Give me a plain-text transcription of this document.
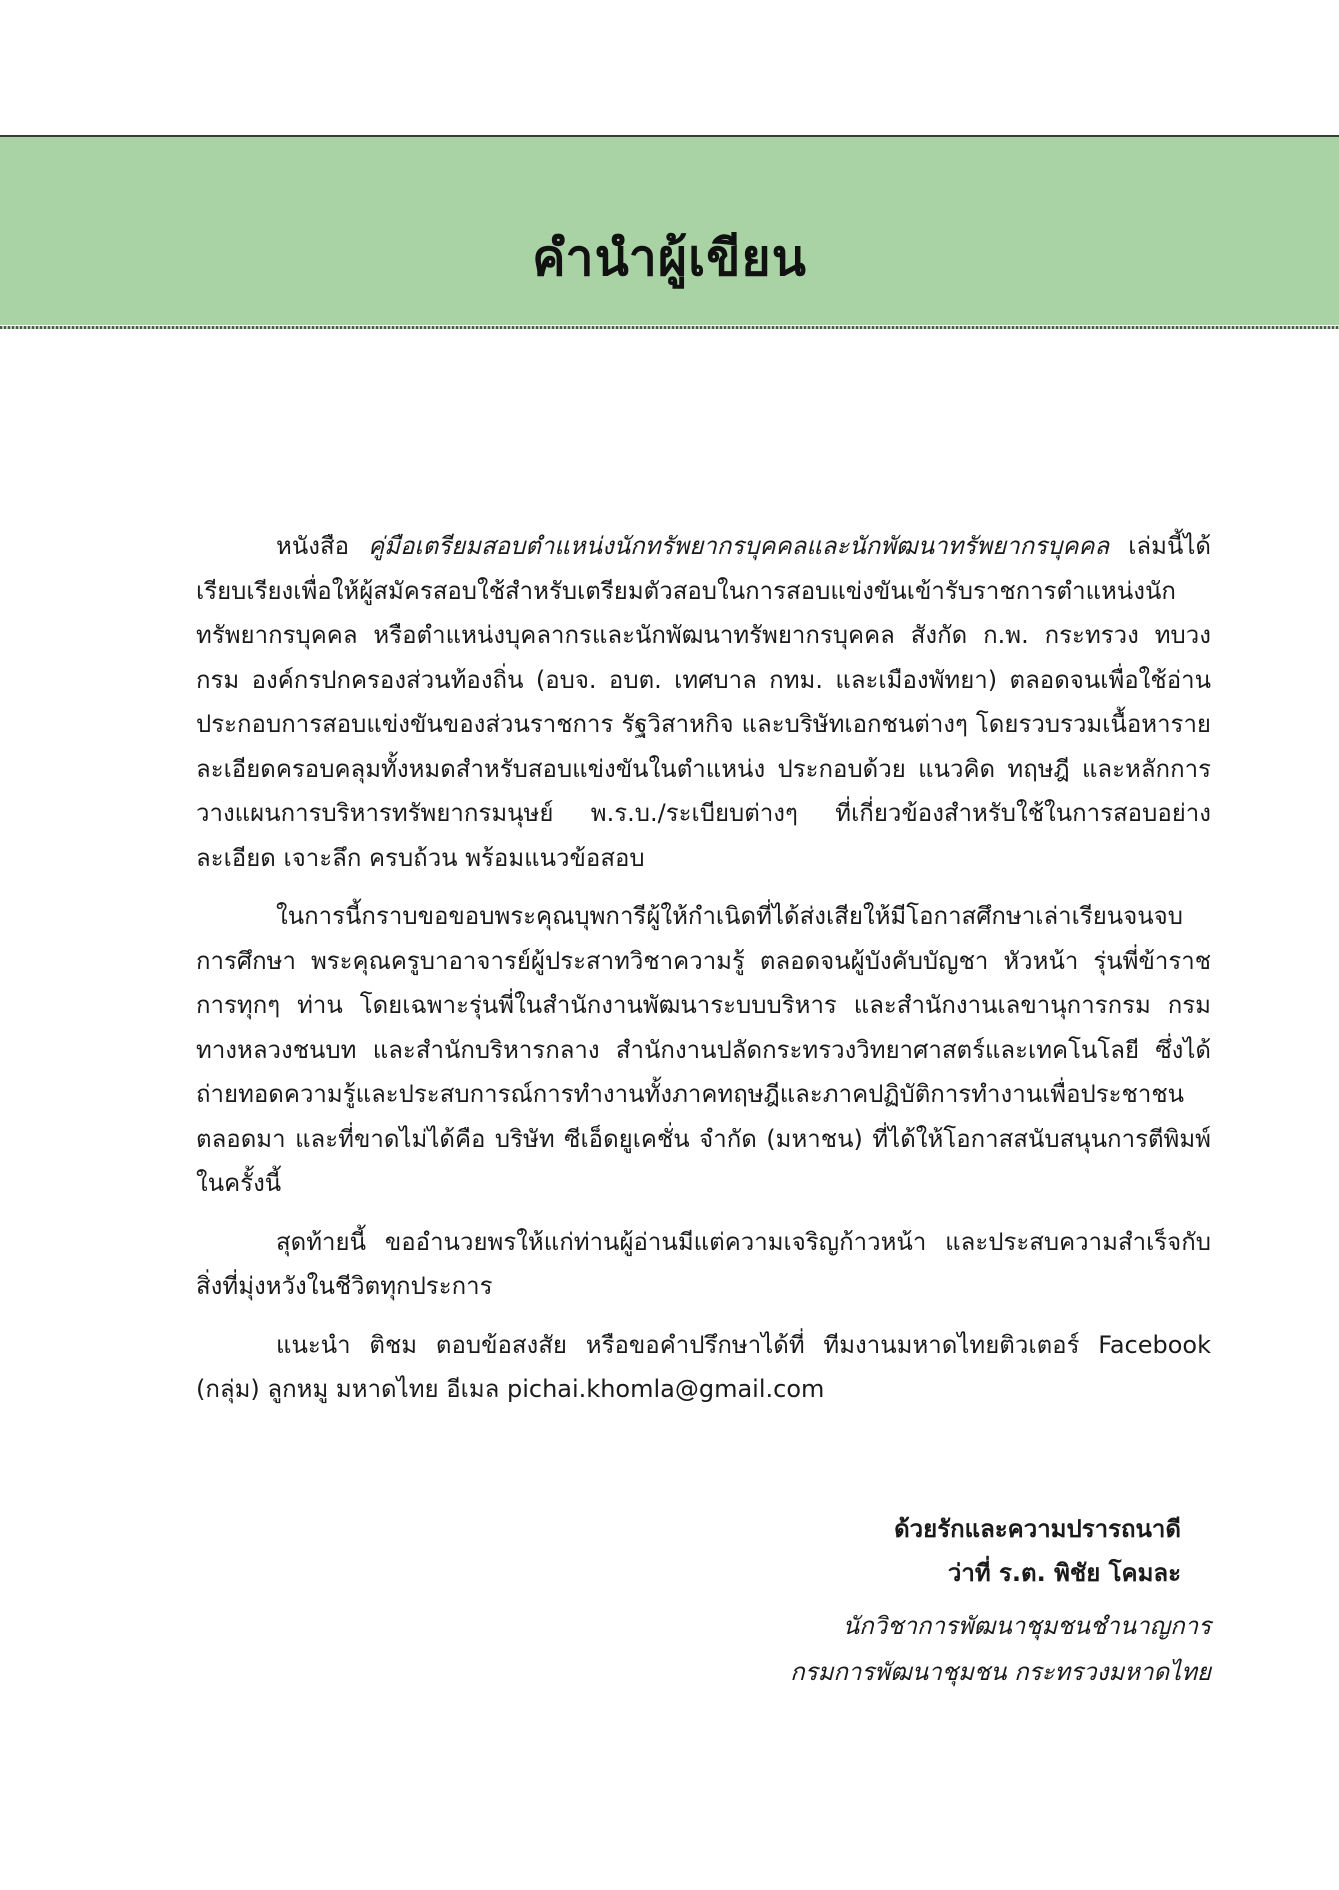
คำนำผู้เขียน

หนังสือ คู่มือเตรียมสอบตำแหน่งนักทรัพยากรบุคคลและนักพัฒนาทรัพยากรบุคคล เล่มนี้ได้เรียบเรียงเพื่อให้ผู้สมัครสอบใช้สำหรับเตรียมตัวสอบในการสอบแข่งขันเข้ารับราชการตำแหน่งนักทรัพยากรบุคคล หรือตำแหน่งบุคลากรและนักพัฒนาทรัพยากรบุคคล สังกัด ก.พ. กระทรวง ทบวง กรม องค์กรปกครองส่วนท้องถิ่น (อบจ. อบต. เทศบาล กทม. และเมืองพัทยา) ตลอดจนเพื่อใช้อ่านประกอบการสอบแข่งขันของส่วนราชการ รัฐวิสาหกิจ และบริษัทเอกชนต่างๆ โดยรวบรวมเนื้อหารายละเอียดครอบคลุมทั้งหมดสำหรับสอบแข่งขันในตำแหน่ง ประกอบด้วย แนวคิด ทฤษฎี และหลักการวางแผนการบริหารทรัพยากรมนุษย์ พ.ร.บ./ระเบียบต่างๆ ที่เกี่ยวข้องสำหรับใช้ในการสอบอย่างละเอียด เจาะลึก ครบถ้วน พร้อมแนวข้อสอบ

ในการนี้กราบขอขอบพระคุณบุพการีผู้ให้กำเนิดที่ได้ส่งเสียให้มีโอกาสศึกษาเล่าเรียนจนจบการศึกษา พระคุณครูบาอาจารย์ผู้ประสาทวิชาความรู้ ตลอดจนผู้บังคับบัญชา หัวหน้า รุ่นพี่ข้าราชการทุกๆ ท่าน โดยเฉพาะรุ่นพี่ในสำนักงานพัฒนาระบบบริหาร และสำนักงานเลขานุการกรม กรมทางหลวงชนบท และสำนักบริหารกลาง สำนักงานปลัดกระทรวงวิทยาศาสตร์และเทคโนโลยี ซึ่งได้ถ่ายทอดความรู้และประสบการณ์การทำงานทั้งภาคทฤษฎีและภาคปฏิบัติการทำงานเพื่อประชาชนตลอดมา และที่ขาดไม่ได้คือ บริษัท ซีเอ็ดยูเคชั่น จำกัด (มหาชน) ที่ได้ให้โอกาสสนับสนุนการตีพิมพ์ในครั้งนี้

สุดท้ายนี้ ขออำนวยพรให้แก่ท่านผู้อ่านมีแต่ความเจริญก้าวหน้า และประสบความสำเร็จกับสิ่งที่มุ่งหวังในชีวิตทุกประการ

แนะนำ ติชม ตอบข้อสงสัย หรือขอคำปรึกษาได้ที่ ทีมงานมหาดไทยติวเตอร์ Facebook (กลุ่ม) ลูกหมู มหาดไทย อีเมล pichai.khomla@gmail.com

ด้วยรักและความปรารถนาดี
ว่าที่ ร.ต. พิชัย โคมละ
นักวิชาการพัฒนาชุมชนชำนาญการ
กรมการพัฒนาชุมชน กระทรวงมหาดไทย
